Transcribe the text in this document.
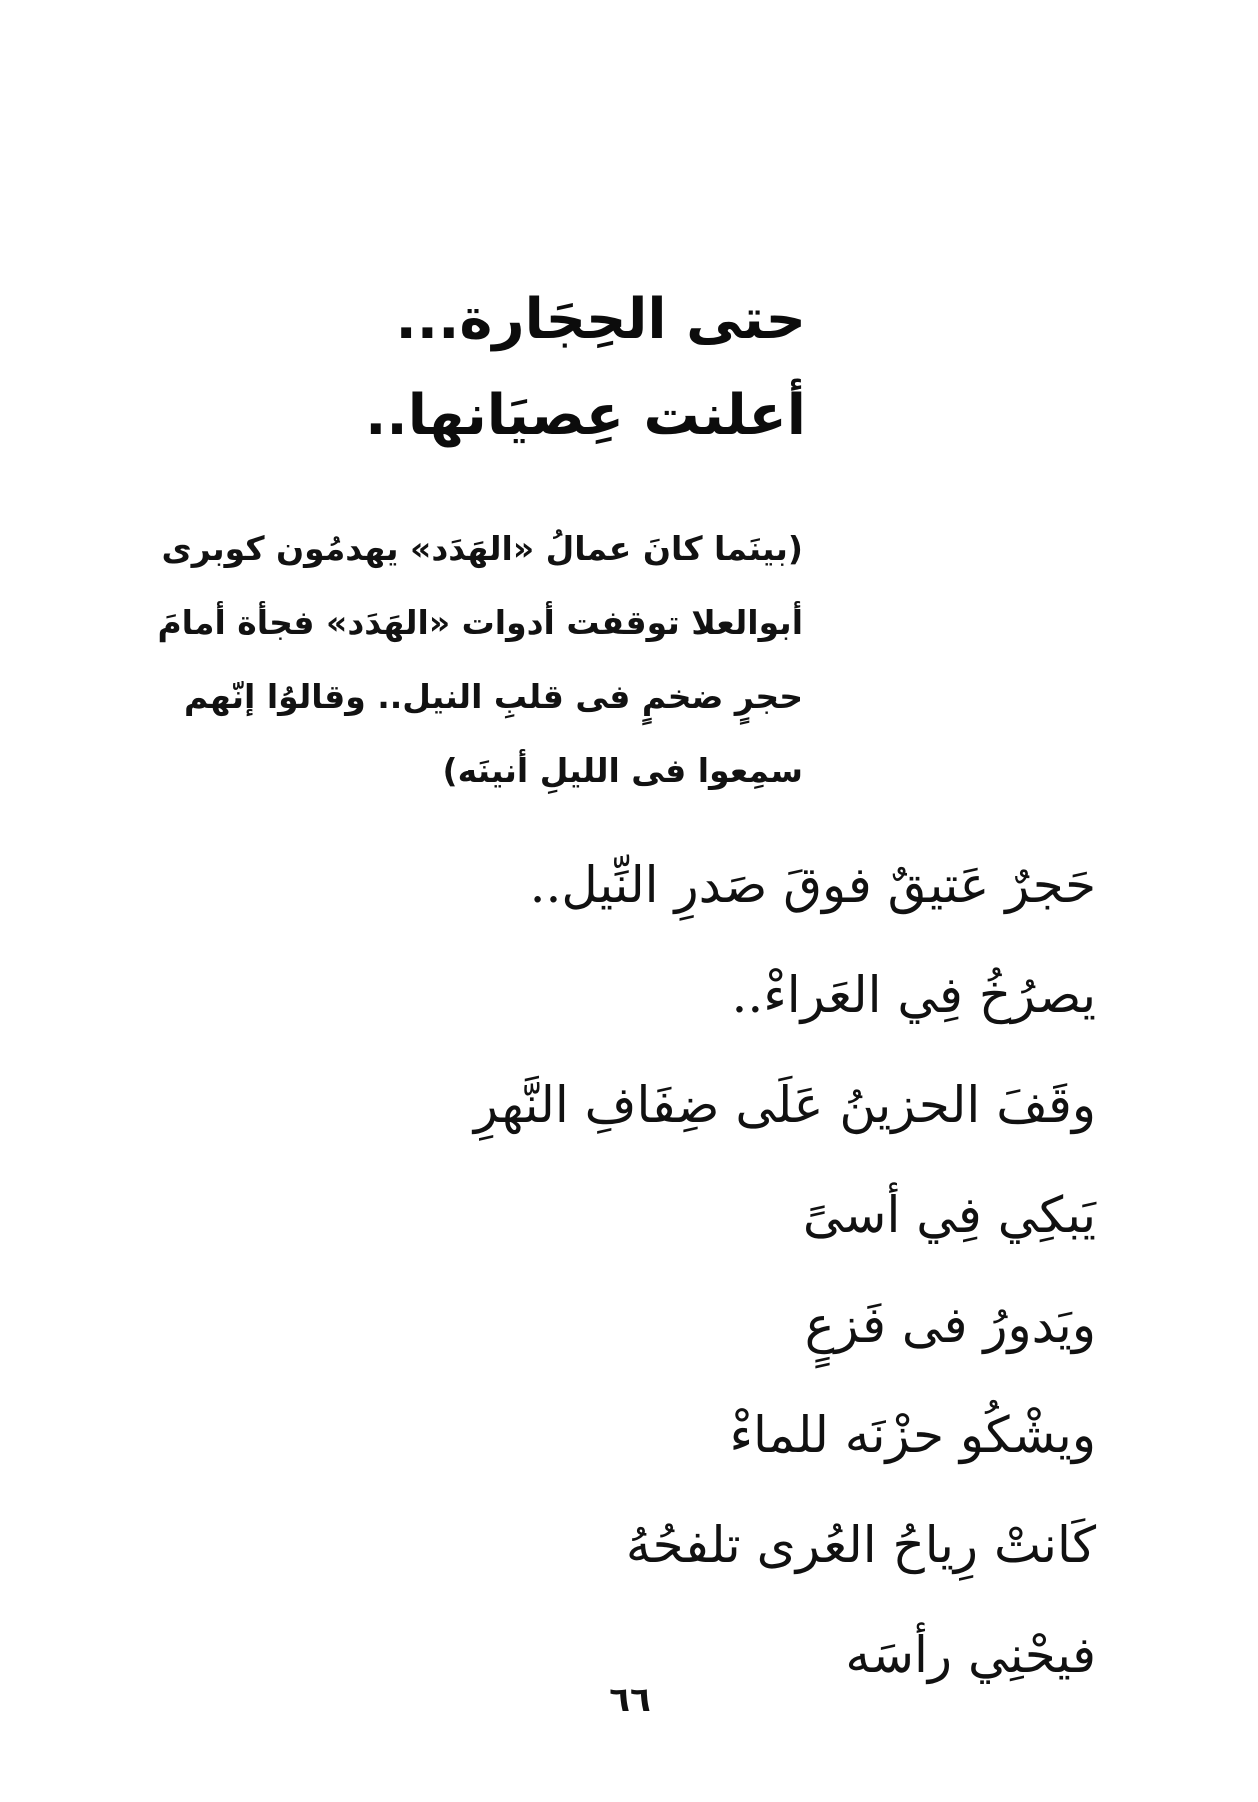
حتى الحِجَارة...
أعلنت عِصيَانها..
(بينَما كانَ عمالُ «الهَدَد» يهدمُون كوبرى
أبوالعلا توقفت أدوات «الهَدَد» فجأة أمامَ
حجرٍ ضخمٍ فى قلبِ النيل.. وقالوُا إنّهم
سمِعوا فى الليلِ أنينَه)
حَجرٌ عَتيقٌ فوقَ صَدرِ النِّيل..
يصرُخُ فِي العَراءْ..
وقَفَ الحزينُ عَلَى ضِفَافِ النَّهرِ
يَبكِي فِي أسىً
ويَدورُ فى فَزعٍ
ويشْكُو حزْنَه للماءْ
كَانتْ رِياحُ العُرى تلفحُهُ
فيحْنِي رأسَه
٦٦
